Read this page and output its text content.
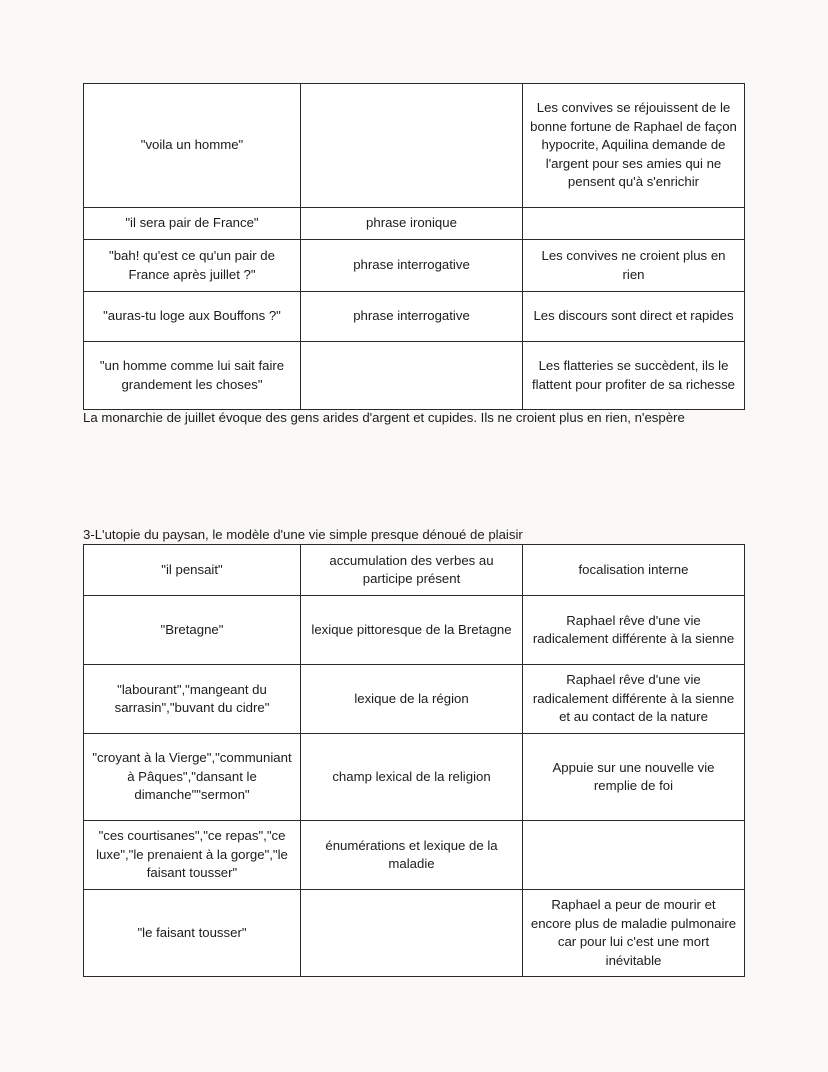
"voila un homme"		Les convives se réjouissent de le bonne fortune de Raphael de façon hypocrite, Aquilina demande de l'argent pour ses amies qui ne pensent qu'à s'enrichir
"il sera pair de France"	phrase ironique	
"bah! qu'est ce qu'un pair de France après juillet ?"	phrase interrogative	Les convives ne croient plus en rien
"auras-tu loge aux Bouffons ?"	phrase interrogative	Les discours sont direct et rapides
"un homme comme lui sait faire grandement les choses"		Les flatteries se succèdent, ils le flattent pour profiter de sa richesse
La monarchie de juillet évoque des gens arides d'argent et cupides. Ils ne croient plus en rien, n'espère
3-L'utopie du paysan, le modèle d'une vie simple presque dénoué de plaisir
"il pensait"	accumulation des verbes au participe présent	focalisation interne
"Bretagne"	lexique pittoresque de la Bretagne	Raphael rêve d'une vie radicalement différente à la sienne
"labourant","mangeant du sarrasin","buvant du cidre"	lexique de la région	Raphael rêve d'une vie radicalement différente à la sienne et au contact de la nature
"croyant à la Vierge","communiant à Pâques","dansant le dimanche""sermon"	champ lexical de la religion	Appuie sur une nouvelle vie remplie de foi
"ces courtisanes","ce repas","ce luxe","le prenaient à la gorge","le faisant tousser"	énumérations et lexique de la maladie	
"le faisant tousser"		Raphael a peur de mourir et encore plus de maladie pulmonaire car pour lui c'est une mort inévitable
